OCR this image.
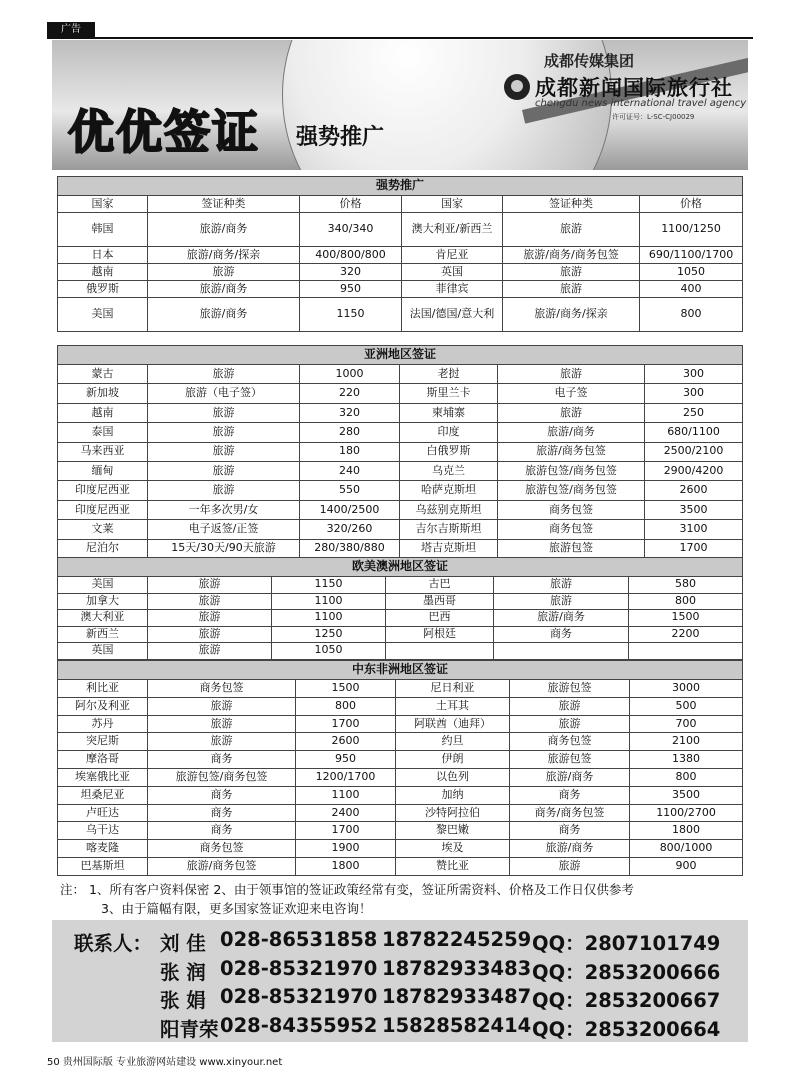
广告
优优签证 强势推广
成都传媒集团
成都新闻国际旅行社
chengdu news international travel agency
许可证号：L-SC-CJ00029
强势推广					
国家	签证种类	价格	国家	签证种类	价格
韩国	旅游/商务	340/340	澳大利亚/新西兰	旅游	1100/1250
日本	旅游/商务/探亲	400/800/800	肯尼亚	旅游/商务/商务包签	690/1100/1700
越南	旅游	320	英国	旅游	1050
俄罗斯	旅游/商务	950	菲律宾	旅游	400
美国	旅游/商务	1150	法国/德国/意大利	旅游/商务/探亲	800
亚洲地区签证					
蒙古	旅游	1000	老挝	旅游	300
新加坡	旅游（电子签）	220	斯里兰卡	电子签	300
越南	旅游	320	柬埔寨	旅游	250
泰国	旅游	280	印度	旅游/商务	680/1100
马来西亚	旅游	180	白俄罗斯	旅游/商务包签	2500/2100
缅甸	旅游	240	乌克兰	旅游包签/商务包签	2900/4200
印度尼西亚	旅游	550	哈萨克斯坦	旅游包签/商务包签	2600
印度尼西亚	一年多次男/女	1400/2500	乌兹别克斯坦	商务包签	3500
文莱	电子返签/正签	320/260	吉尔吉斯斯坦	商务包签	3100
尼泊尔	15天/30天/90天旅游	280/380/880	塔吉克斯坦	旅游包签	1700
欧美澳洲地区签证					
美国	旅游	1150	古巴	旅游	580
加拿大	旅游	1100	墨西哥	旅游	800
澳大利亚	旅游	1100	巴西	旅游/商务	1500
新西兰	旅游	1250	阿根廷	商务	2200
英国	旅游	1050			
中东非洲地区签证					
利比亚	商务包签	1500	尼日利亚	旅游包签	3000
阿尔及利亚	旅游	800	土耳其	旅游	500
苏丹	旅游	1700	阿联酋（迪拜）	旅游	700
突尼斯	旅游	2600	约旦	商务包签	2100
摩洛哥	商务	950	伊朗	旅游包签	1380
埃塞俄比亚	旅游包签/商务包签	1200/1700	以色列	旅游/商务	800
坦桑尼亚	商务	1100	加纳	商务	3500
卢旺达	商务	2400	沙特阿拉伯	商务/商务包签	1100/2700
乌干达	商务	1700	黎巴嫩	商务	1800
喀麦隆	商务包签	1900	埃及	旅游/商务	800/1000
巴基斯坦	旅游/商务包签	1800	赞比亚	旅游	900
注： 1、所有客户资料保密 2、由于领事馆的签证政策经常有变，签证所需资料、价格及工作日仅供参考
3、由于篇幅有限，更多国家签证欢迎来电咨询！
联系人： 刘 佳 028-86531858 18782245259 QQ：2807101749
张 润 028-85321970 18782933483 QQ：2853200666
张 娟 028-85321970 18782933487 QQ：2853200667
阳青荣 028-84355952 15828582414 QQ：2853200664
50 贵州国际版 专业旅游网站建设 www.xinyour.net
